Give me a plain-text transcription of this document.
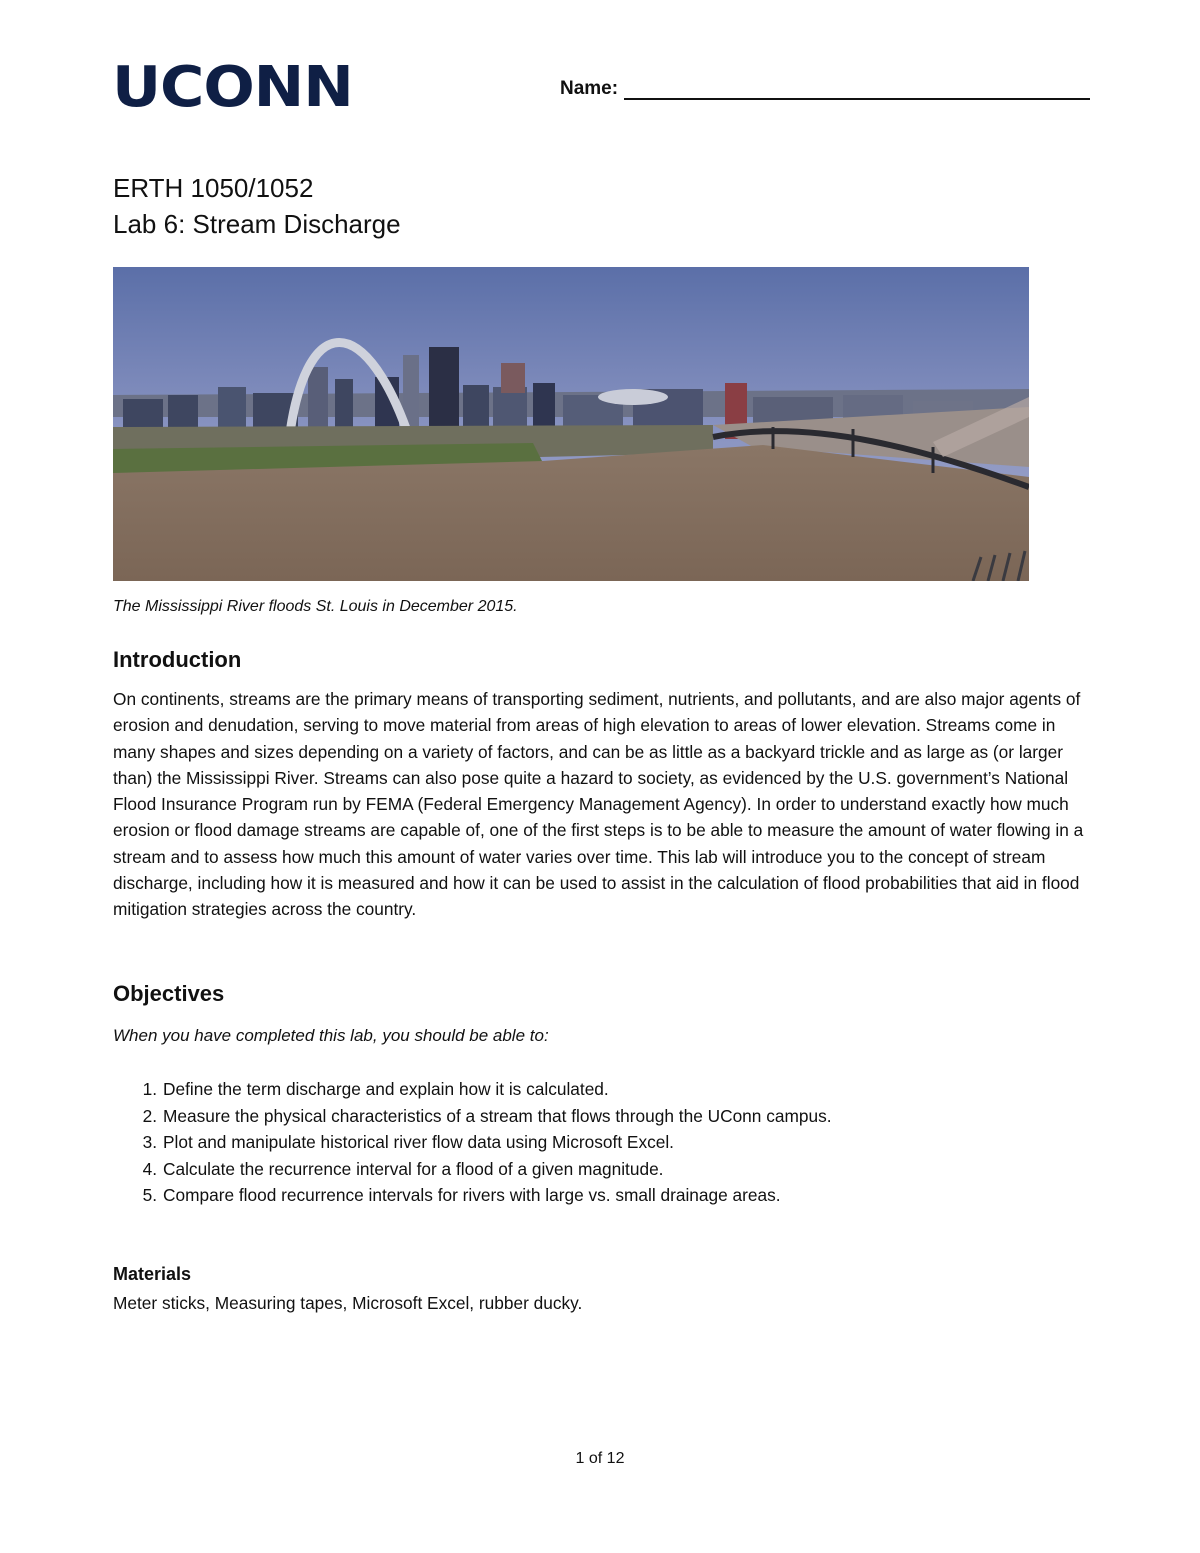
UCONN	Name:
ERTH 1050/1052
Lab 6: Stream Discharge
The Mississippi River floods St. Louis in December 2015.
Introduction

On continents, streams are the primary means of transporting sediment, nutrients, and pollutants, and are also major agents of erosion and denudation, serving to move material from areas of high elevation to areas of lower elevation. Streams come in many shapes and sizes depending on a variety of factors, and can be as little as a backyard trickle and as large as (or larger than) the Mississippi River. Streams can also pose quite a hazard to society, as evidenced by the U.S. government’s National Flood Insurance Program run by FEMA (Federal Emergency Management Agency). In order to understand exactly how much erosion or flood damage streams are capable of, one of the first steps is to be able to measure the amount of water flowing in a stream and to assess how much this amount of water varies over time. This lab will introduce you to the concept of stream discharge, including how it is measured and how it can be used to assist in the calculation of flood probabilities that aid in flood mitigation strategies across the country.

Objectives
When you have completed this lab, you should be able to:
1. Define the term discharge and explain how it is calculated.
2. Measure the physical characteristics of a stream that flows through the UConn campus.
3. Plot and manipulate historical river flow data using Microsoft Excel.
4. Calculate the recurrence interval for a flood of a given magnitude.
5. Compare flood recurrence intervals for rivers with large vs. small drainage areas.
Materials
Meter sticks, Measuring tapes, Microsoft Excel, rubber ducky.
1 of 12
